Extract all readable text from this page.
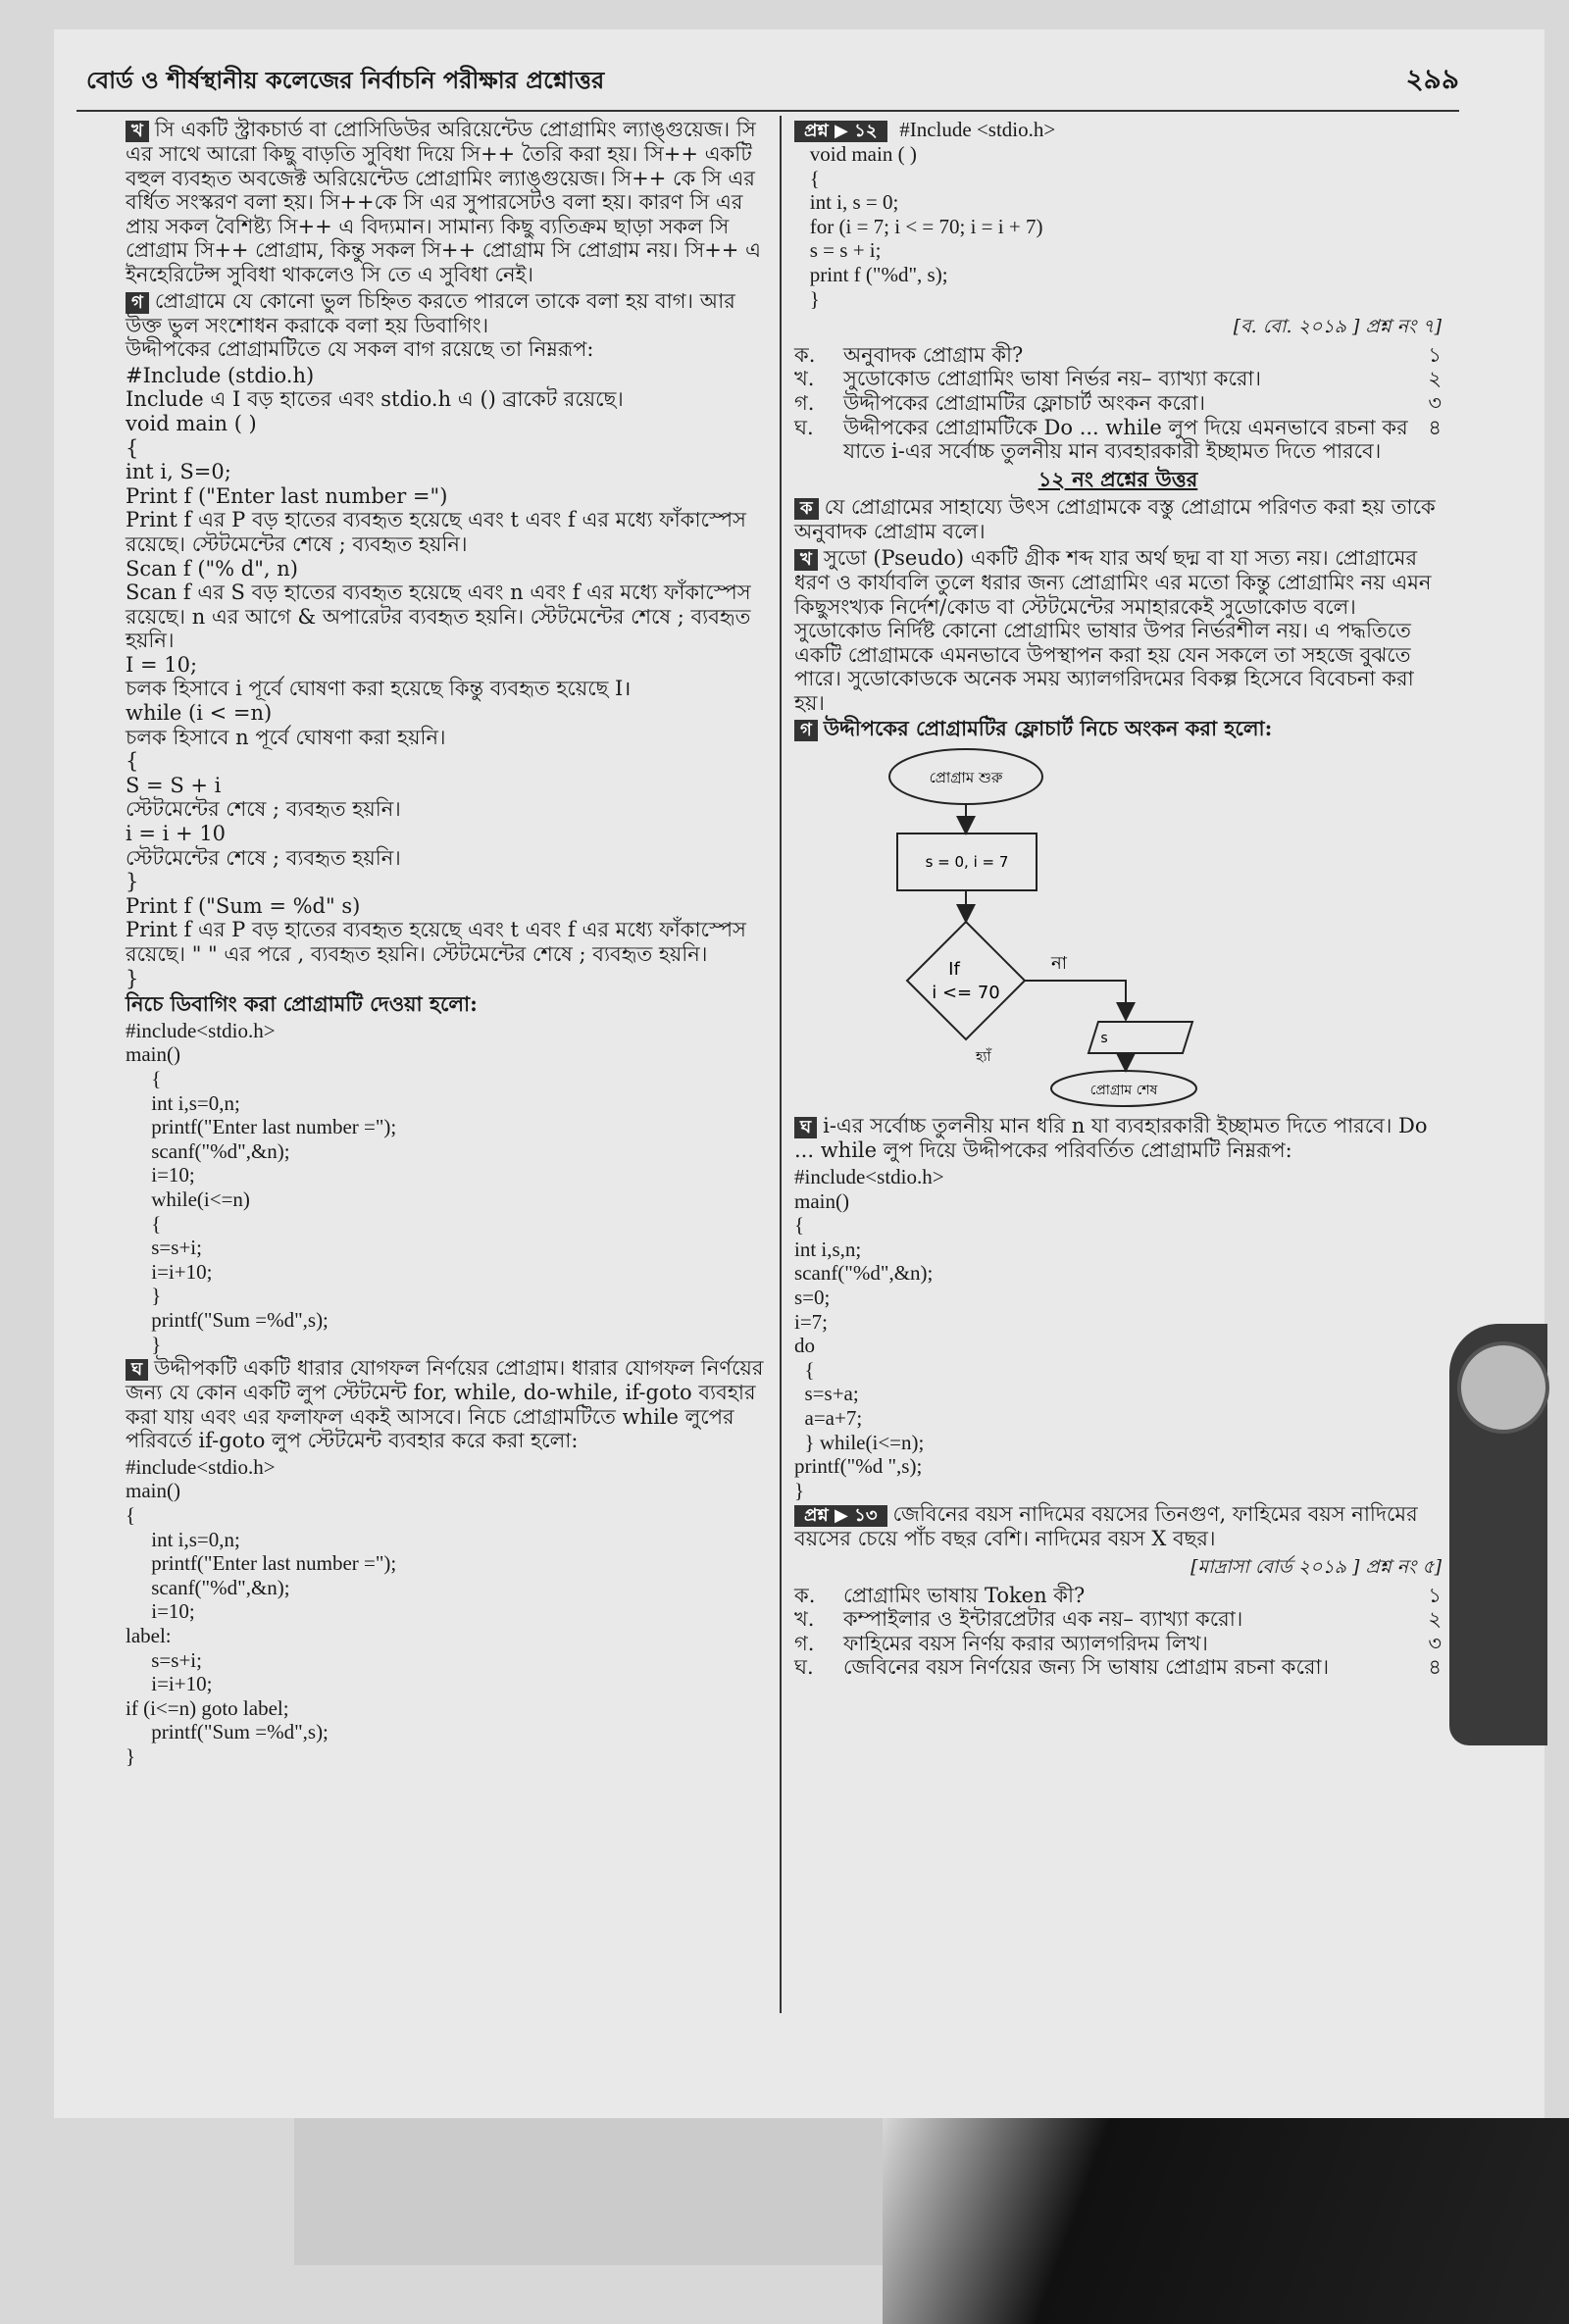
বোর্ড ও শীর্ষস্থানীয় কলেজের নির্বাচনি পরীক্ষার প্রশ্নোত্তর	২৯৯

খ সি একটি স্ট্রাকচার্ড বা প্রোসিডিউর অরিয়েন্টেড প্রোগ্রামিং ল্যাঙ্গুয়েজ। সি এর সাথে আরো কিছু বাড়তি সুবিধা দিয়ে সি++ তৈরি করা হয়। সি++ একটি বহুল ব্যবহৃত অবজেক্ট অরিয়েন্টেড প্রোগ্রামিং ল্যাঙ্গুয়েজ। সি++ কে সি এর বর্ধিত সংস্করণ বলা হয়। সি++কে সি এর সুপারসেটও বলা হয়। কারণ সি এর প্রায় সকল বৈশিষ্ট্য সি++ এ বিদ্যমান। সামান্য কিছু ব্যতিক্রম ছাড়া সকল সি প্রোগ্রাম সি++ প্রোগ্রাম, কিন্তু সকল সি++ প্রোগ্রাম সি প্রোগ্রাম নয়। সি++ এ ইনহেরিটেন্স সুবিধা থাকলেও সি তে এ সুবিধা নেই।

গ প্রোগ্রামে যে কোনো ভুল চিহ্নিত করতে পারলে তাকে বলা হয় বাগ। আর উক্ত ভুল সংশোধন করাকে বলা হয় ডিবাগিং।
উদ্দীপকের প্রোগ্রামটিতে যে সকল বাগ রয়েছে তা নিম্নরূপ:

#Include (stdio.h)
Include এ I বড় হাতের এবং stdio.h এ () ব্রাকেট রয়েছে।
void main ( )
{
int i, S=0;
Print f ("Enter last number =")
Print f এর P বড় হাতের ব্যবহৃত হয়েছে এবং t এবং f এর মধ্যে ফাঁকাস্পেস রয়েছে। স্টেটমেন্টের শেষে ; ব্যবহৃত হয়নি।
Scan f ("% d", n)
Scan f এর S বড় হাতের ব্যবহৃত হয়েছে এবং n এবং f এর মধ্যে ফাঁকাস্পেস রয়েছে। n এর আগে & অপারেটর ব্যবহৃত হয়নি। স্টেটমেন্টের শেষে ; ব্যবহৃত হয়নি।
I = 10;
চলক হিসাবে i পূর্বে ঘোষণা করা হয়েছে কিন্তু ব্যবহৃত হয়েছে I।
while (i < =n)
চলক হিসাবে n পূর্বে ঘোষণা করা হয়নি।
{
S = S + i
স্টেটমেন্টের শেষে ; ব্যবহৃত হয়নি।
i = i + 10
স্টেটমেন্টের শেষে ; ব্যবহৃত হয়নি।
}
Print f ("Sum = %d" s)
Print f এর P বড় হাতের ব্যবহৃত হয়েছে এবং t এবং f এর মধ্যে ফাঁকাস্পেস রয়েছে। " " এর পরে , ব্যবহৃত হয়নি। স্টেটমেন্টের শেষে ; ব্যবহৃত হয়নি।
}

নিচে ডিবাগিং করা প্রোগ্রামটি দেওয়া হলো:

#include<stdio.h>
main()
{
int i,s=0,n;
printf("Enter last number =");
scanf("%d",&n);
i=10;
while(i<=n)
{
s=s+i;
i=i+10;
}
printf("Sum =%d",s);
}

ঘ উদ্দীপকটি একটি ধারার যোগফল নির্ণয়ের প্রোগ্রাম। ধারার যোগফল নির্ণয়ের জন্য যে কোন একটি লুপ স্টেটমেন্ট for, while, do-while, if-goto ব্যবহার করা যায় এবং এর ফলাফল একই আসবে। নিচে প্রোগ্রামটিতে while লুপের পরিবর্তে if-goto লুপ স্টেটমেন্ট ব্যবহার করে করা হলো:

#include<stdio.h>
main()
{
int i,s=0,n;
printf("Enter last number =");
scanf("%d",&n);
i=10;
label:
s=s+i;
i=i+10;
if (i<=n) goto label;
printf("Sum =%d",s);
}
প্রশ্ন ▶ ১২ #Include <stdio.h>
void main ( )
{
int i, s = 0;
for (i = 7; i < = 70; i = i + 7)
s = s + i;
print f ("%d", s);
}
[ব. বো. ২০১৯ ] প্রশ্ন নং ৭]
ক.	অনুবাদক প্রোগ্রাম কী?	১
খ.	সুডোকোড প্রোগ্রামিং ভাষা নির্ভর নয়– ব্যাখ্যা করো।	২
গ.	উদ্দীপকের প্রোগ্রামটির ফ্লোচার্ট অংকন করো।	৩
ঘ.	উদ্দীপকের প্রোগ্রামটিকে Do ... while লুপ দিয়ে এমনভাবে রচনা কর যাতে i-এর সর্বোচ্চ তুলনীয় মান ব্যবহারকারী ইচ্ছামত দিতে পারবে।
৪
১২ নং প্রশ্নের উত্তর

ক যে প্রোগ্রামের সাহায্যে উৎস প্রোগ্রামকে বস্তু প্রোগ্রামে পরিণত করা হয় তাকে অনুবাদক প্রোগ্রাম বলে।

খ সুডো (Pseudo) একটি গ্রীক শব্দ যার অর্থ ছদ্ম বা যা সত্য নয়। প্রোগ্রামের ধরণ ও কার্যাবলি তুলে ধরার জন্য প্রোগ্রামিং এর মতো কিন্তু প্রোগ্রামিং নয় এমন কিছুসংখ্যক নির্দেশ/কোড বা স্টেটমেন্টের সমাহারকেই সুডোকোড বলে। সুডোকোড নির্দিষ্ট কোনো প্রোগ্রামিং ভাষার উপর নির্ভরশীল নয়। এ পদ্ধতিতে একটি প্রোগ্রামকে এমনভাবে উপস্থাপন করা হয় যেন সকলে তা সহজে বুঝতে পারে। সুডোকোডকে অনেক সময় অ্যালগরিদমের বিকল্প হিসেবে বিবেচনা করা হয়।

গ উদ্দীপকের প্রোগ্রামটির ফ্লোচার্ট নিচে অংকন করা হলো:

প্রোগ্রাম শুরু
s = 0, i = 7
If
i <= 70
না
হ্যাঁ
s
প্রোগ্রাম শেষ

ঘ i-এর সর্বোচ্চ তুলনীয় মান ধরি n যা ব্যবহারকারী ইচ্ছামত দিতে পারবে। Do ... while লুপ দিয়ে উদ্দীপকের পরিবর্তিত প্রোগ্রামটি নিম্নরূপ:

#include<stdio.h>
main()
{
int i,s,n;
scanf("%d",&n);
s=0;
i=7;
do
{
s=s+a;
a=a+7;
} while(i<=n);
printf("%d ",s);
}

প্রশ্ন ▶ ১৩ জেবিনের বয়স নাদিমের বয়সের তিনগুণ, ফাহিমের বয়স নাদিমের বয়সের চেয়ে পাঁচ বছর বেশি। নাদিমের বয়স X বছর।

[মাদ্রাসা বোর্ড ২০১৯ ] প্রশ্ন নং ৫]
ক.	প্রোগ্রামিং ভাষায় Token কী?	১
খ.	কম্পাইলার ও ইন্টারপ্রেটার এক নয়– ব্যাখ্যা করো।	২
গ.	ফাহিমের বয়স নির্ণয় করার অ্যালগরিদম লিখ।	৩
ঘ.	জেবিনের বয়স নির্ণয়ের জন্য সি ভাষায় প্রোগ্রাম রচনা করো।	৪
